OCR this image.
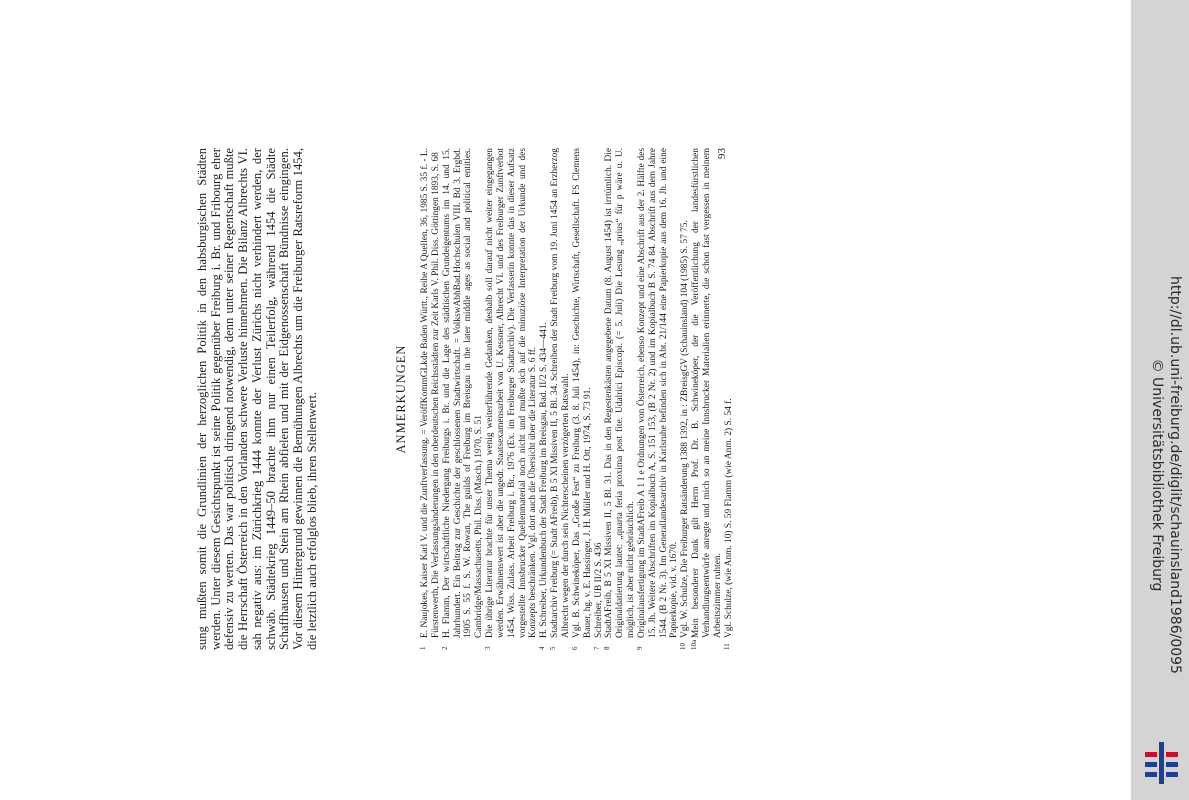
sung mußten somit die Grundlinien der herzoglichen Politik in den habsburgischen Städten werden. Unter diesem Gesichtspunkt ist seine Politik gegenüber Freiburg i. Br. und Fribourg eher defensiv zu werten. Das war politisch dringend notwendig, denn unter seiner Regentschaft mußte die Herrschaft Österreich in den Vorlanden schwere Verluste hinnehmen. Die Bilanz Albrechts VI. sah negativ aus: im Zürichkrieg 1444 konnte der Verlust Zürichs nicht verhindert werden, der schwäb. Städtekrieg 1449–50 brachte ihm nur einen Teilerfolg, während 1454 die Städte Schaffhausen und Stein am Rhein abfielen und mit der Eidgenossenschaft Bündnisse eingingen. Vor diesem Hintergrund gewinnen die Bemühungen Albrechts um die Freiburger Ratsreform 1454, die letztlich auch erfolglos blieb, ihren Stellenwert.	ANMERKUNGEN

1
E. Naujokes, Kaiser Karl V. und die Zunftverfassung. = VeröffKommGLkde Baden Württ., Reihe A Quellen, 36, 1985 S. 35 f. - L. Fürstenwerth, Die Verfassungsänderungen in den oberdeutschen Reichsstädten zur Zeit Karls V. Phil. Diss. Göttingen 1893, S. 68
2
H. Flamm, Der wirtschaftliche Niedergang Freiburgs i. Br. und die Lage des städtischen Grundeigentums im 14. und 15. Jahrhundert. Ein Beitrag zur Geschichte der geschlossenen Stadtwirtschaft. = VolkswAbhBad.Hochschulen VIII. Bd 3. Ergbd. 1905 S. 55 f. S. W. Rowan, The guilds of Freiburg im Breisgau in the later middle ages as social and political entities. Cambridge/Massachusetts, Phil. Diss. (Masch.) 1970, S. 51
3
Die übrige Literatur brachte für unser Thema wenig weiterführende Gedanken, deshalb soll darauf nicht weiter eingegangen werden. Erwähnenswert ist aber die ungedr. Staatsexamensarbeit von U. Kessner, Albrecht VI. und des Freiburger Zunftverbot 1454, Wiss. Zulass. Arbeit Freiburg i. Br., 1976 (Ex. im Freiburger Stadtarchiv). Die Verfasserin konnte das in dieser Aufsatz vorgestellte Innsbrucker Quellenmaterial noch nicht und mußte sich auf die minuziöse Interpretation der Urkunde und des Konzepts beschränken. Vgl. dort auch die Übersicht über die Literatur S. 6 ff.
4
H. Schreiber, Urkundenbuch der Stadt Freiburg im Breisgau, Bad. II/2 S. 434—441.
5
Stadtarchiv Freiburg (= Stadt AFreib), B 5 XI Missiven II, 5 Bl. 34. Schreiben der Stadt Freiburg vom 19. Juni 1454 an Erzherzog Albrecht wegen der durch sein Nichterscheinen verzögerten Ratswahl.
6
Vgl. B. Schwineköper, Das „Große Fest“ zu Freiburg (3. 8. Juli 1454), in: Geschichte, Wirtschaft, Gesellschaft. FS Clemens Bauer, hg. v. E. Hassinger, J. H. Müller und H. Ott, 1974, S. 73 91.
7
Schreiber, UB II/2 S. 436
8
StadtAFreib, B 5 XI Missiven II, 5 Bl. 31. Das in den Regestenkästen angegebene Datum (8. August 1454) ist irrtümlich. Die Originaldatierung lautet: „quarta feria proxima post fite. Udalrici Episcopi. (= 5. Juli) Die Lesung „prius“ für p wäre u. U. möglich, ist aber nicht gebräuchlich.
9
Originalausfertigung im StadtAFreib A 1 I e Ordnungen von Österreich, ebenso Konzept und eine Abschrift aus der 2. Hälfte des 15. Jh. Weitere Abschriften im Kopialbuch A, S. 151 153, (B 2 Nr. 2) und im Kopialbuch B S. 74 84. Abschrift aus dem Jahre 1544. (B 2 Nr. 3). Im Generallandesarchiv in Karlsruhe befinden sich in Abt. 21/144 eine Papierkopie aus dem 16. Jh. und eine Papierkopie, vid. v. 1670.
10
Vgl. W. Schulze, Die Freiburger Ratsänderung 1388 1392, in : ZBreisgGV (Schauinsland) 104 (1985) S. 57 75.
10a
Mein besonderer Dank gilt Herrn Prof. Dr. B. Schwineköper, der die Veröffentlichung der landesfürstlichen Verhandlungsentwürfe anregte und mich so an meine Innsbrucker Materialien erinnerte, die schon fast vergessen in meinem Arbeitszimmer ruhten.
11
Vgl. Schulze, (wie Anm. 10) S. 59 Flamm (wie Anm. 2) S. 54 f.

93

http://dl.ub.uni-freiburg.de/diglit/schauinsland1986/0095

© Universitätsbibliothek Freiburg
